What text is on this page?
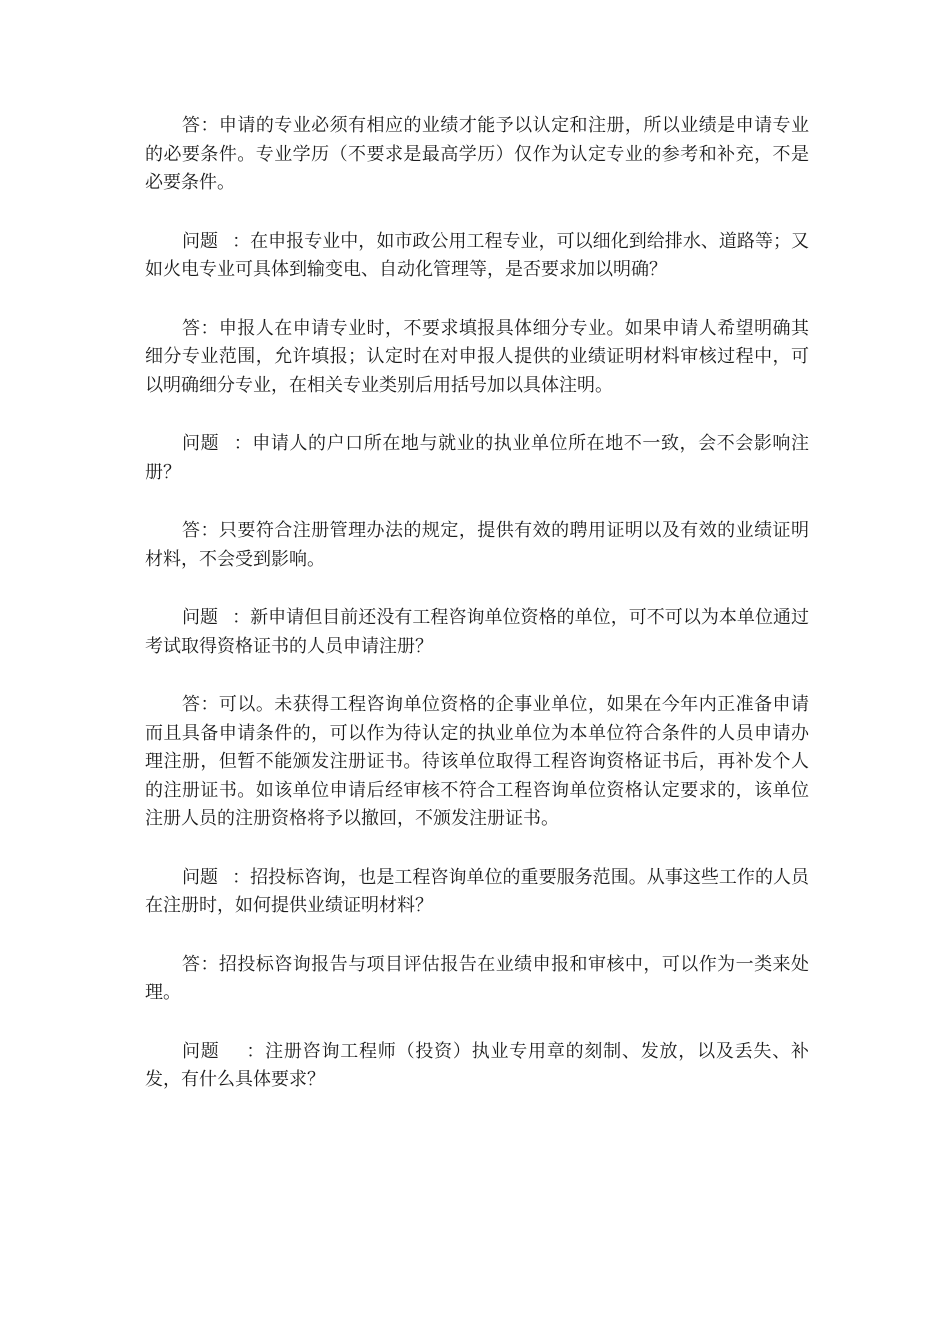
答：申请的专业必须有相应的业绩才能予以认定和注册，所以业绩是申请专业的必要条件。专业学历（不要求是最高学历）仅作为认定专业的参考和补充，不是必要条件。

问题 ：在申报专业中，如市政公用工程专业，可以细化到给排水、道路等；又如火电专业可具体到输变电、自动化管理等，是否要求加以明确？

答：申报人在申请专业时，不要求填报具体细分专业。如果申请人希望明确其细分专业范围，允许填报；认定时在对申报人提供的业绩证明材料审核过程中，可以明确细分专业，在相关专业类别后用括号加以具体注明。

问题 ：申请人的户口所在地与就业的执业单位所在地不一致，会不会影响注册？

答：只要符合注册管理办法的规定，提供有效的聘用证明以及有效的业绩证明材料，不会受到影响。

问题 ：新申请但目前还没有工程咨询单位资格的单位，可不可以为本单位通过考试取得资格证书的人员申请注册？

答：可以。未获得工程咨询单位资格的企事业单位，如果在今年内正准备申请而且具备申请条件的，可以作为待认定的执业单位为本单位符合条件的人员申请办理注册，但暂不能颁发注册证书。待该单位取得工程咨询资格证书后，再补发个人的注册证书。如该单位申请后经审核不符合工程咨询单位资格认定要求的，该单位注册人员的注册资格将予以撤回，不颁发注册证书。

问题 ：招投标咨询，也是工程咨询单位的重要服务范围。从事这些工作的人员在注册时，如何提供业绩证明材料？

答：招投标咨询报告与项目评估报告在业绩申报和审核中，可以作为一类来处理。

问题 ：注册咨询工程师（投资）执业专用章的刻制、发放，以及丢失、补发，有什么具体要求？
